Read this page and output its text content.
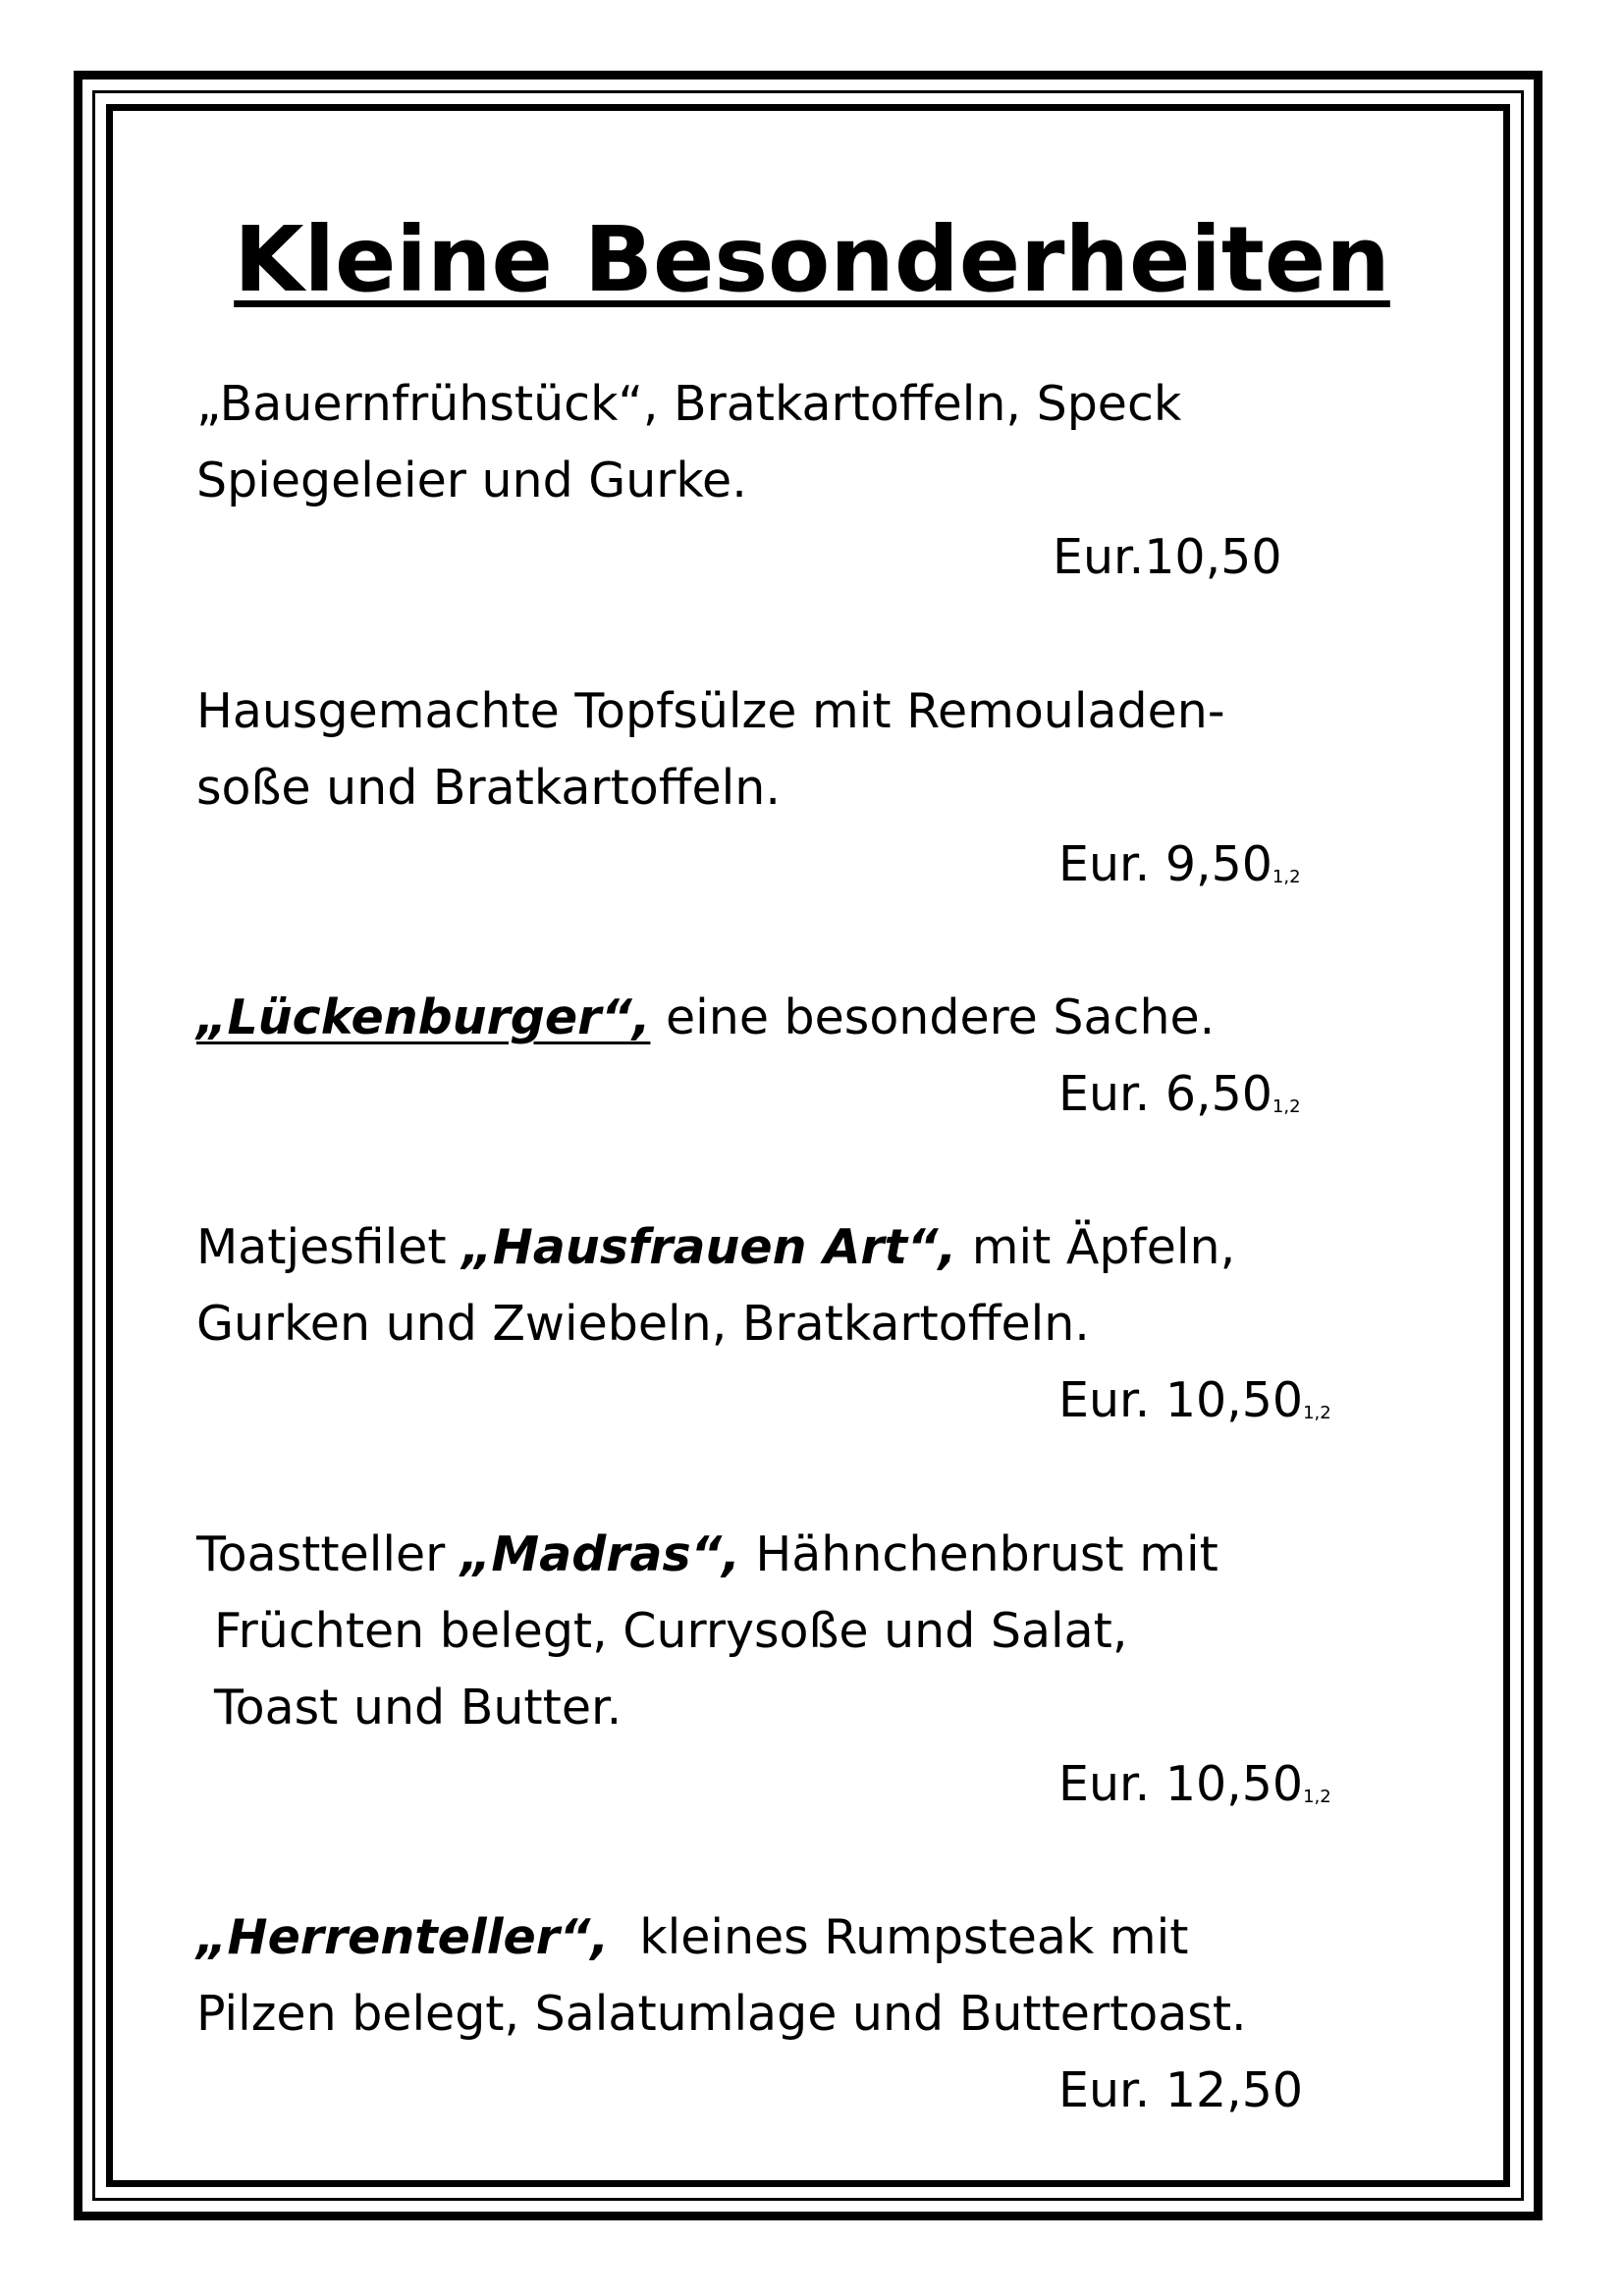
Kleine Besonderheiten
„Bauernfrühstück“, Bratkartoffeln, Speck
Spiegeleier und Gurke.
Eur.10,50
Hausgemachte Topfsülze mit Remouladen-
soße und Bratkartoffeln.
Eur. 9,501,2
„Lückenburger“, eine besondere Sache.
Eur. 6,501,2
Matjesfilet „Hausfrauen Art“, mit Äpfeln,
Gurken und Zwiebeln, Bratkartoffeln.
Eur. 10,501,2
Toastteller „Madras“, Hähnchenbrust mit
Früchten belegt, Currysoße und Salat,
Toast und Butter.
Eur. 10,501,2
„Herrenteller“,  kleines Rumpsteak mit
Pilzen belegt, Salatumlage und Buttertoast.
Eur. 12,50
